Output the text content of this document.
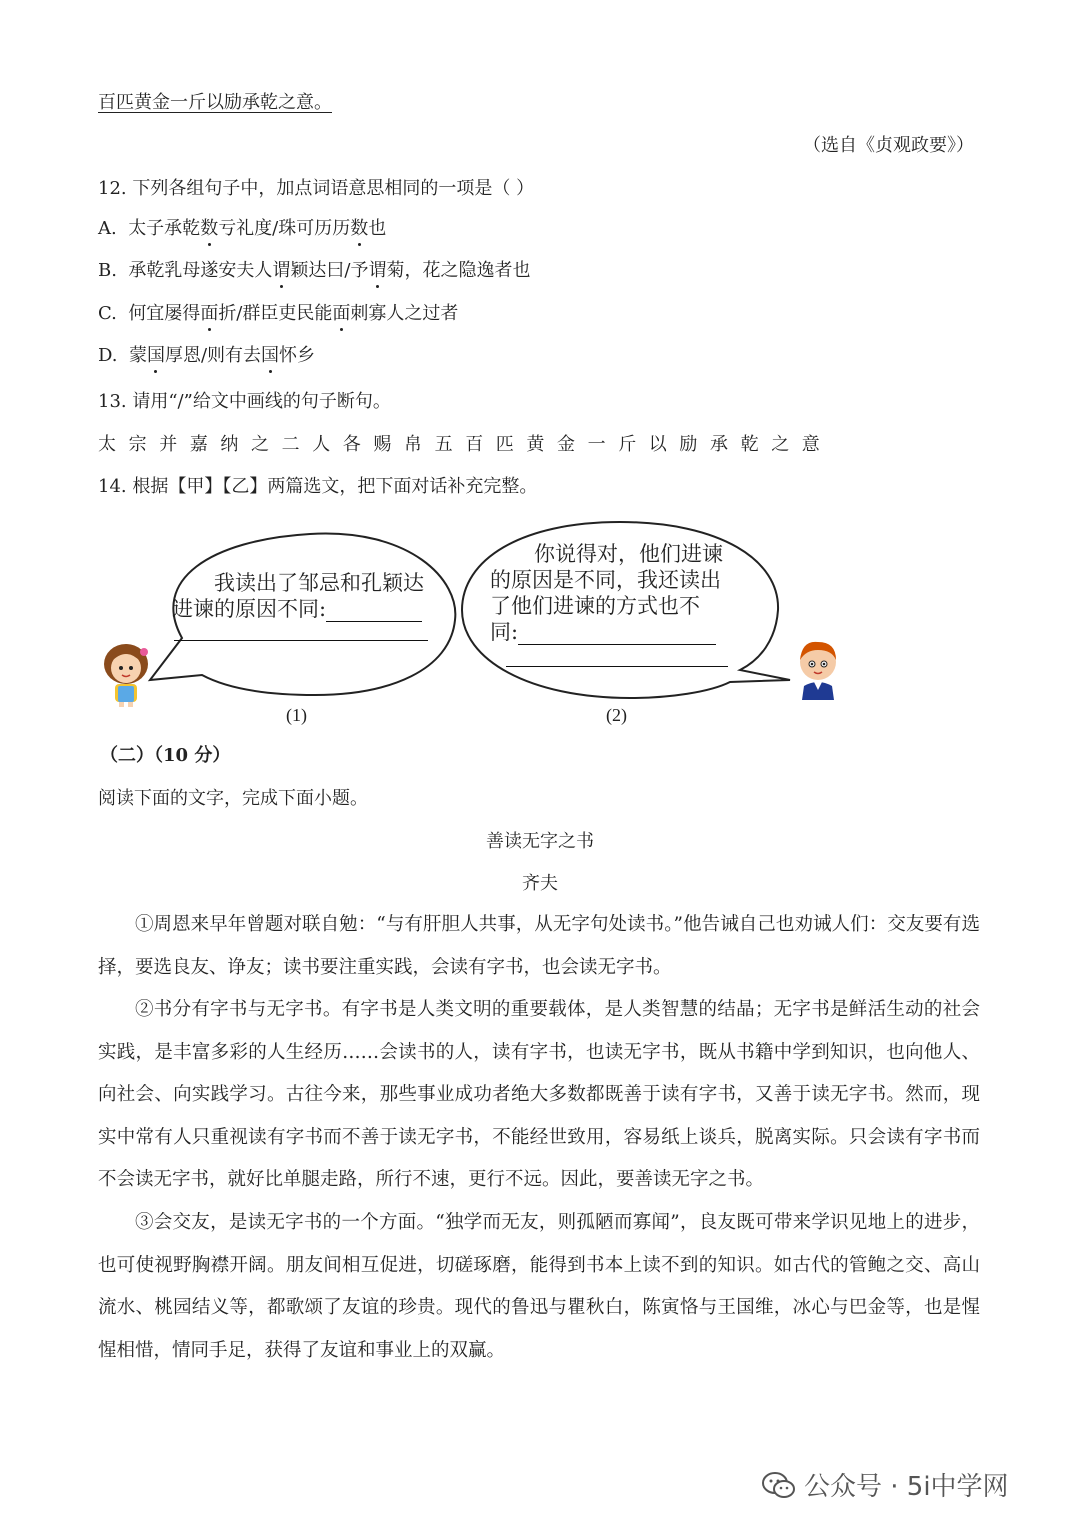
百匹黄金一斤以励承乾之意。
（选自《贞观政要》）
12. 下列各组句子中，加点词语意思相同的一项是（ ）
A. 太子承乾数亏礼度/珠可历历数也
B. 承乾乳母遂安夫人谓颖达曰/予谓菊，花之隐逸者也
C. 何宜屡得面折/群臣吏民能面刺寡人之过者
D. 蒙国厚恩/则有去国怀乡
13. 请用“/”给文中画线的句子断句。
太宗并嘉纳之二人各赐帛五百匹黄金一斤以励承乾之意
14. 根据【甲】【乙】两篇选文，把下面对话补充完整。
我读出了邹忌和孔颖达
进谏的原因不同:
你说得对，他们进谏
的原因是不同，我还读出
了他们进谏的方式也不
同:
(1)	(2)
（二）（10 分）
阅读下面的文字，完成下面小题。
善读无字之书
齐夫
①周恩来早年曾题对联自勉：“与有肝胆人共事，从无字句处读书。”他告诫自己也劝诫人们：交友要有选择，要选良友、诤友；读书要注重实践，会读有字书，也会读无字书。
②书分有字书与无字书。有字书是人类文明的重要载体，是人类智慧的结晶；无字书是鲜活生动的社会实践，是丰富多彩的人生经历……会读书的人，读有字书，也读无字书，既从书籍中学到知识，也向他人、向社会、向实践学习。古往今来，那些事业成功者绝大多数都既善于读有字书，又善于读无字书。然而，现实中常有人只重视读有字书而不善于读无字书，不能经世致用，容易纸上谈兵，脱离实际。只会读有字书而不会读无字书，就好比单腿走路，所行不速，更行不远。因此，要善读无字之书。
③会交友，是读无字书的一个方面。“独学而无友，则孤陋而寡闻”，良友既可带来学识见地上的进步，也可使视野胸襟开阔。朋友间相互促进，切磋琢磨，能得到书本上读不到的知识。如古代的管鲍之交、高山流水、桃园结义等，都歌颂了友谊的珍贵。现代的鲁迅与瞿秋白，陈寅恪与王国维，冰心与巴金等，也是惺惺相惜，情同手足，获得了友谊和事业上的双赢。
公众号 · 5i中学网
